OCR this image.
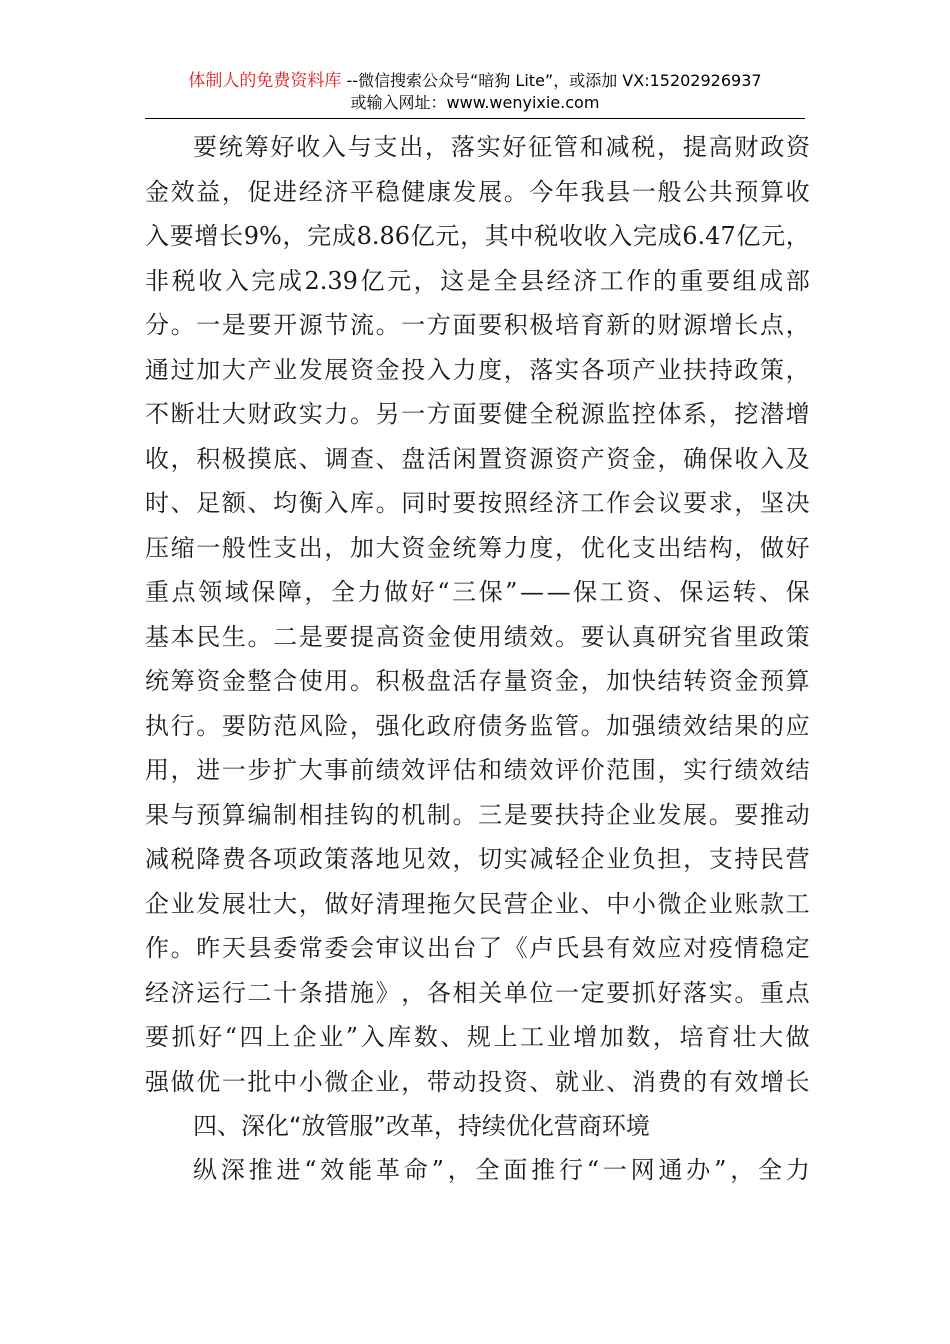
体制人的免费资料库 --微信搜索公众号“暗狗 Lite”，或添加 VX:15202926937
或输入网址：www.wenyixie.com
要 统 筹 好 收 入 与 支 出 ， 落 实 好 征 管 和 减 税 ， 提 高 财 政 资
金 效 益 ， 促 进 经 济 平 稳 健 康 发 展 。 今 年 我 县 一 般 公 共 预 算 收
入 要 增 长 9% ， 完 成 8.86 亿 元 ， 其 中 税 收 收 入 完 成 6.47 亿 元 ，
非 税 收 入 完 成 2.39 亿 元 ， 这 是 全 县 经 济 工 作 的 重 要 组 成 部
分 。 一 是 要 开 源 节 流 。 一 方 面 要 积 极 培 育 新 的 财 源 增 长 点 ，
通 过 加 大 产 业 发 展 资 金 投 入 力 度 ， 落 实 各 项 产 业 扶 持 政 策 ，
不 断 壮 大 财 政 实 力 。 另 一 方 面 要 健 全 税 源 监 控 体 系 ， 挖 潜 增
收 ， 积 极 摸 底 、 调 查 、 盘 活 闲 置 资 源 资 产 资 金 ， 确 保 收 入 及
时 、 足 额 、 均 衡 入 库 。 同 时 要 按 照 经 济 工 作 会 议 要 求 ， 坚 决
压 缩 一 般 性 支 出 ， 加 大 资 金 统 筹 力 度 ， 优 化 支 出 结 构 ， 做 好
重 点 领 域 保 障 ， 全 力 做 好 “ 三 保 ” — — 保 工 资 、 保 运 转 、 保
基 本 民 生 。 二 是 要 提 高 资 金 使 用 绩 效 。 要 认 真 研 究 省 里 政 策
统 筹 资 金 整 合 使 用 。 积 极 盘 活 存 量 资 金 ， 加 快 结 转 资 金 预 算
执 行 。 要 防 范 风 险 ， 强 化 政 府 债 务 监 管 。 加 强 绩 效 结 果 的 应
用 ， 进 一 步 扩 大 事 前 绩 效 评 估 和 绩 效 评 价 范 围 ， 实 行 绩 效 结
果 与 预 算 编 制 相 挂 钩 的 机 制 。 三 是 要 扶 持 企 业 发 展 。 要 推 动
减 税 降 费 各 项 政 策 落 地 见 效 ， 切 实 减 轻 企 业 负 担 ， 支 持 民 营
企 业 发 展 壮 大 ， 做 好 清 理 拖 欠 民 营 企 业 、 中 小 微 企 业 账 款 工
作 。 昨 天 县 委 常 委 会 审 议 出 台 了 《 卢 氏 县 有 效 应 对 疫 情 稳 定
经 济 运 行 二 十 条 措 施 》 ， 各 相 关 单 位 一 定 要 抓 好 落 实 。 重 点
要 抓 好 “ 四 上 企 业 ” 入 库 数 、 规 上 工 业 增 加 数 ， 培 育 壮 大 做
强 做 优 一 批 中 小 微 企 业 ， 带 动 投 资 、 就 业 、 消 费 的 有 效 增 长
四、深化“放管服”改革，持续优化营商环境
纵 深 推 进 “ 效 能 革 命 ” ， 全 面 推 行 “ 一 网 通 办 ” ， 全 力
